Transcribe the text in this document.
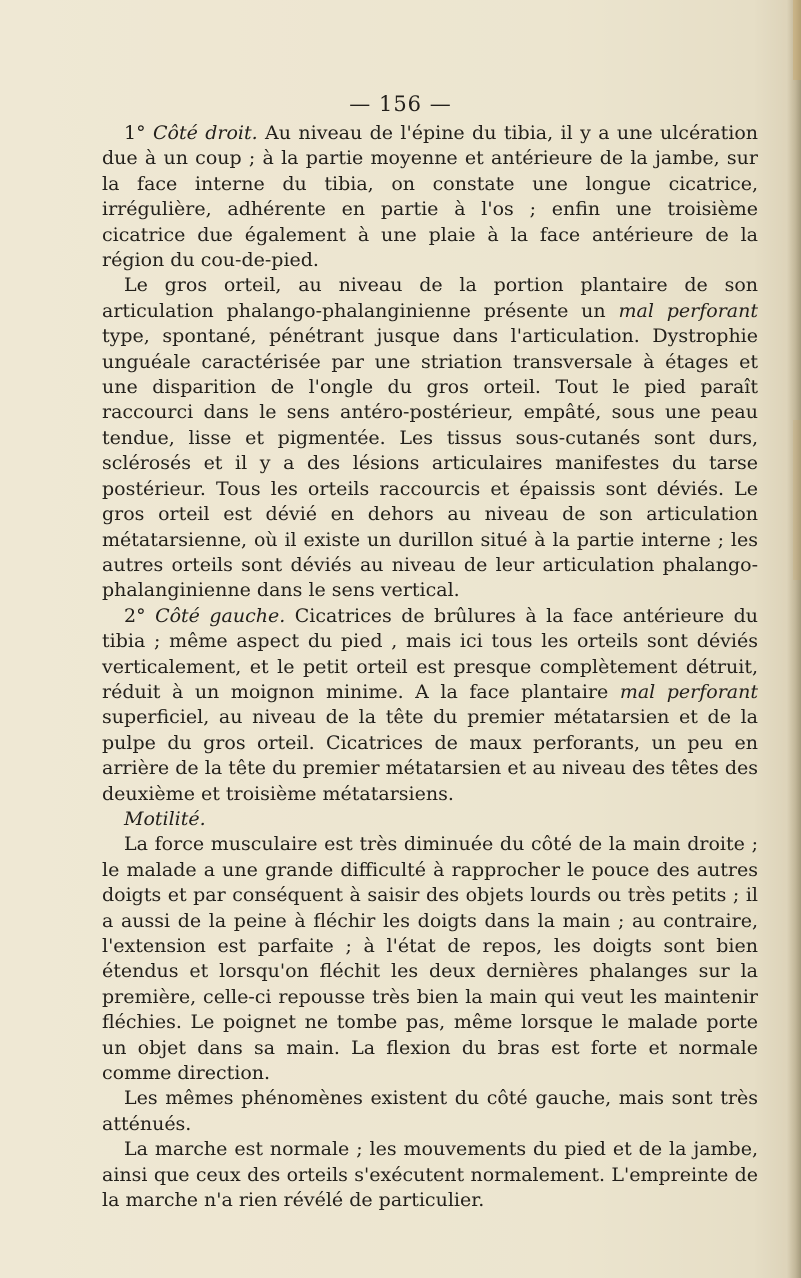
— 156 —

1° Côté droit. Au niveau de l'épine du tibia, il y a une ulcération due à un coup ; à la partie moyenne et antérieure de la jambe, sur la face interne du tibia, on constate une longue cicatrice, irrégulière, adhérente en partie à l'os ; enfin une troisième cicatrice due également à une plaie à la face antérieure de la région du cou-de-pied.

Le gros orteil, au niveau de la portion plantaire de son articulation phalango-phalanginienne présente un mal perforant type, spontané, pénétrant jusque dans l'articulation. Dystrophie unguéale caractérisée par une striation transversale à étages et une disparition de l'ongle du gros orteil. Tout le pied paraît raccourci dans le sens antéro-postérieur, empâté, sous une peau tendue, lisse et pigmentée. Les tissus sous-cutanés sont durs, sclérosés et il y a des lésions articulaires manifestes du tarse postérieur. Tous les orteils raccourcis et épaissis sont déviés. Le gros orteil est dévié en dehors au niveau de son articulation métatarsienne, où il existe un durillon situé à la partie interne ; les autres orteils sont déviés au niveau de leur articulation phalango-phalanginienne dans le sens vertical.

2° Côté gauche. Cicatrices de brûlures à la face antérieure du tibia ; même aspect du pied , mais ici tous les orteils sont déviés verticalement, et le petit orteil est presque complètement détruit, réduit à un moignon minime. A la face plantaire mal perforant superficiel, au niveau de la tête du premier métatarsien et de la pulpe du gros orteil. Cicatrices de maux perforants, un peu en arrière de la tête du premier métatarsien et au niveau des têtes des deuxième et troisième métatarsiens.

Motilité.

La force musculaire est très diminuée du côté de la main droite ; le malade a une grande difficulté à rapprocher le pouce des autres doigts et par conséquent à saisir des objets lourds ou très petits ; il a aussi de la peine à fléchir les doigts dans la main ; au contraire, l'extension est parfaite ; à l'état de repos, les doigts sont bien étendus et lorsqu'on fléchit les deux dernières phalanges sur la première, celle-ci repousse très bien la main qui veut les maintenir fléchies. Le poignet ne tombe pas, même lorsque le malade porte un objet dans sa main. La flexion du bras est forte et normale comme direction.

Les mêmes phénomènes existent du côté gauche, mais sont très atténués.

La marche est normale ; les mouvements du pied et de la jambe, ainsi que ceux des orteils s'exécutent normalement. L'empreinte de la marche n'a rien révélé de particulier.
